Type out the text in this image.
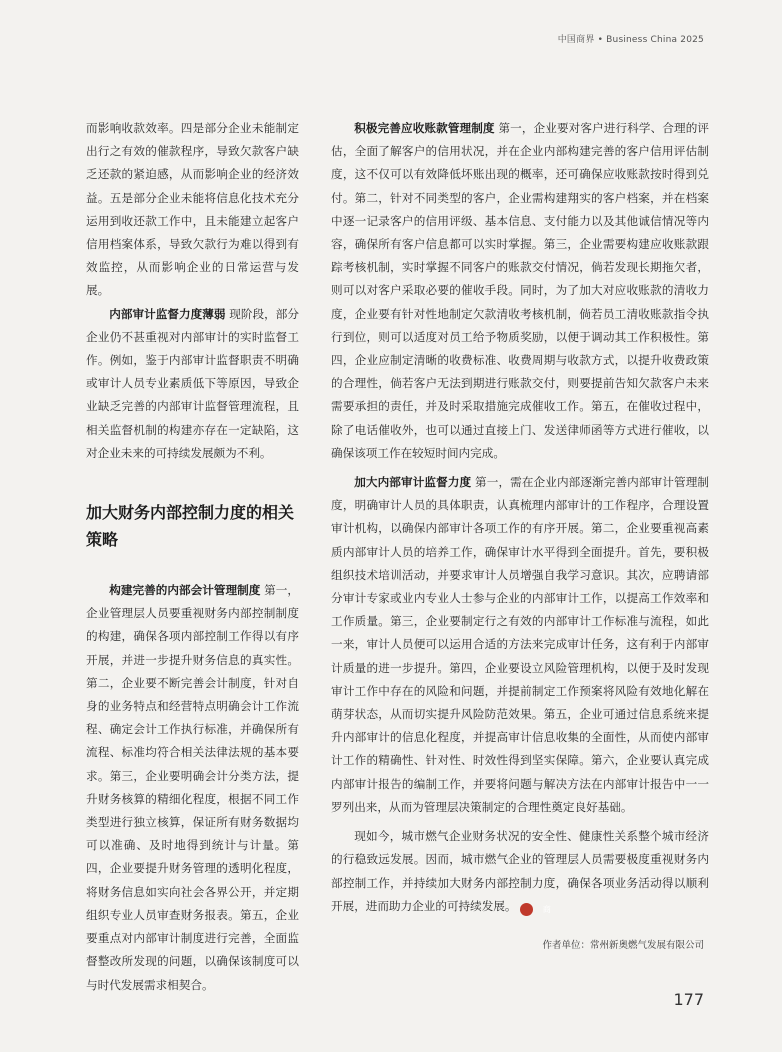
中国商界 • Business China 2025

而影响收款效率。四是部分企业未能制定出行之有效的催款程序，导致欠款客户缺乏还款的紧迫感，从而影响企业的经济效益。五是部分企业未能将信息化技术充分运用到收还款工作中，且未能建立起客户信用档案体系，导致欠款行为难以得到有效监控，从而影响企业的日常运营与发展。

内部审计监督力度薄弱 现阶段，部分企业仍不甚重视对内部审计的实时监督工作。例如，鉴于内部审计监督职责不明确或审计人员专业素质低下等原因，导致企业缺乏完善的内部审计监督管理流程，且相关监督机制的构建亦存在一定缺陷，这对企业未来的可持续发展颇为不利。

加大财务内部控制力度的相关策略

构建完善的内部会计管理制度 第一，企业管理层人员要重视财务内部控制制度的构建，确保各项内部控制工作得以有序开展，并进一步提升财务信息的真实性。第二，企业要不断完善会计制度，针对自身的业务特点和经营特点明确会计工作流程、确定会计工作执行标准，并确保所有流程、标准均符合相关法律法规的基本要求。第三，企业要明确会计分类方法，提升财务核算的精细化程度，根据不同工作类型进行独立核算，保证所有财务数据均可以准确、及时地得到统计与计量。第四，企业要提升财务管理的透明化程度，将财务信息如实向社会各界公开，并定期组织专业人员审查财务报表。第五，企业要重点对内部审计制度进行完善，全面监督整改所发现的问题，以确保该制度可以与时代发展需求相契合。

积极完善应收账款管理制度 第一，企业要对客户进行科学、合理的评估，全面了解客户的信用状况，并在企业内部构建完善的客户信用评估制度，这不仅可以有效降低坏账出现的概率，还可确保应收账款按时得到兑付。第二，针对不同类型的客户，企业需构建翔实的客户档案，并在档案中逐一记录客户的信用评级、基本信息、支付能力以及其他诚信情况等内容，确保所有客户信息都可以实时掌握。第三，企业需要构建应收账款跟踪考核机制，实时掌握不同客户的账款交付情况，倘若发现长期拖欠者，则可以对客户采取必要的催收手段。同时，为了加大对应收账款的清收力度，企业要有针对性地制定欠款清收考核机制，倘若员工清收账款指令执行到位，则可以适度对员工给予物质奖励，以便于调动其工作积极性。第四，企业应制定清晰的收费标准、收费周期与收款方式，以提升收费政策的合理性，倘若客户无法到期进行账款交付，则要提前告知欠款客户未来需要承担的责任，并及时采取措施完成催收工作。第五，在催收过程中，除了电话催收外，也可以通过直接上门、发送律师函等方式进行催收，以确保该项工作在较短时间内完成。

加大内部审计监督力度 第一，需在企业内部逐渐完善内部审计管理制度，明确审计人员的具体职责，认真梳理内部审计的工作程序，合理设置审计机构，以确保内部审计各项工作的有序开展。第二，企业要重视高素质内部审计人员的培养工作，确保审计水平得到全面提升。首先，要积极组织技术培训活动，并要求审计人员增强自我学习意识。其次，应聘请部分审计专家或业内专业人士参与企业的内部审计工作，以提高工作效率和工作质量。第三，企业要制定行之有效的内部审计工作标准与流程，如此一来，审计人员便可以运用合适的方法来完成审计任务，这有利于内部审计质量的进一步提升。第四，企业要设立风险管理机构，以便于及时发现审计工作中存在的风险和问题，并提前制定工作预案将风险有效地化解在萌芽状态，从而切实提升风险防范效果。第五，企业可通过信息系统来提升内部审计的信息化程度，并提高审计信息收集的全面性，从而使内部审计工作的精确性、针对性、时效性得到坚实保障。第六，企业要认真完成内部审计报告的编制工作，并要将问题与解决方法在内部审计报告中一一罗列出来，从而为管理层决策制定的合理性奠定良好基础。

现如今，城市燃气企业财务状况的安全性、健康性关系整个城市经济的行稳致远发展。因而，城市燃气企业的管理层人员需要极度重视财务内部控制工作，并持续加大财务内部控制力度，确保各项业务活动得以顺利开展，进而助力企业的可持续发展。	商

作者单位：常州新奥燃气发展有限公司
177
